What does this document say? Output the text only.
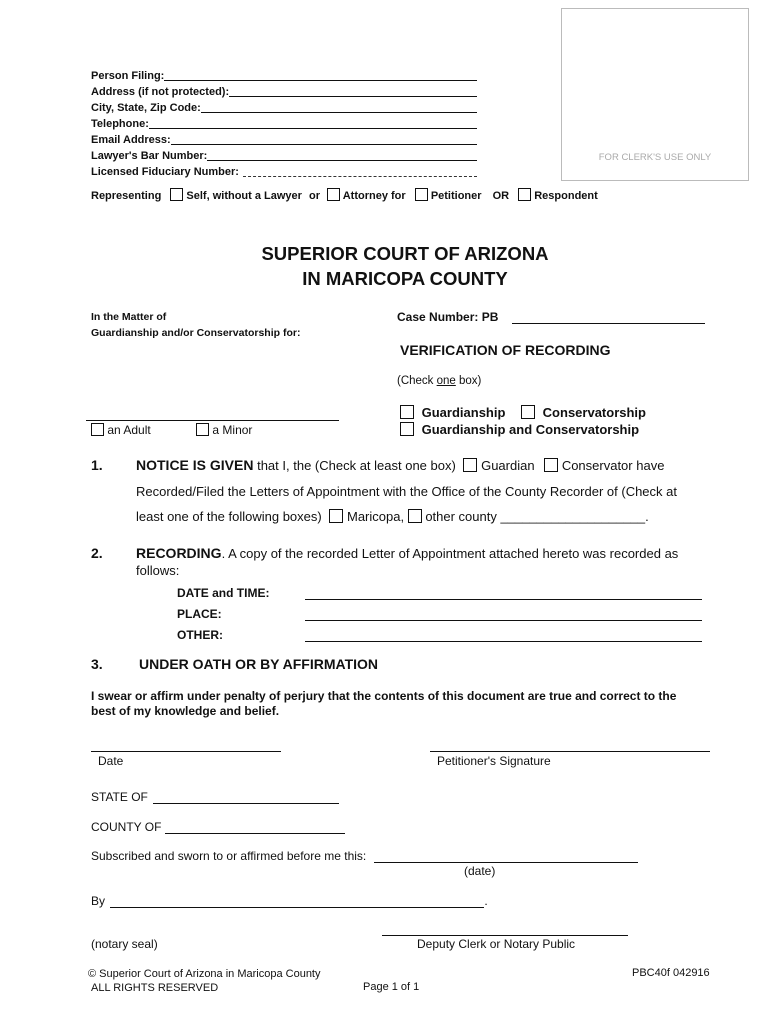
FOR CLERK'S USE ONLY
Person Filing:
Address (if not protected):
City, State, Zip Code:
Telephone:
Email Address:
Lawyer's Bar Number:
Licensed Fiduciary Number:
Representing Self, without a Lawyer or Attorney for Petitioner OR Respondent
SUPERIOR COURT OF ARIZONA
IN MARICOPA COUNTY
In the Matter of
Guardianship and/or Conservatorship for:
an Adult	a Minor
Case Number: PB
VERIFICATION OF RECORDING
(Check one box)
Guardianship	Conservatorship
Guardianship and Conservatorship
1. NOTICE IS GIVEN that I, the (Check at least one box) Guardian Conservator have
Recorded/Filed the Letters of Appointment with the Office of the County Recorder of (Check at
least one of the following boxes) Maricopa, other county ____________________.
2. RECORDING. A copy of the recorded Letter of Appointment attached hereto was recorded as
follows:
DATE and TIME:
PLACE:
OTHER:
3.	UNDER OATH OR BY AFFIRMATION
I swear or affirm under penalty of perjury that the contents of this document are true and correct to the
best of my knowledge and belief.
Date	Petitioner's Signature
STATE OF
COUNTY OF
Subscribed and sworn to or affirmed before me this:
(date)
By	.
(notary seal)	Deputy Clerk or Notary Public
© Superior Court of Arizona in Maricopa County
ALL RIGHTS RESERVED	Page 1 of 1
PBC40f 042916
